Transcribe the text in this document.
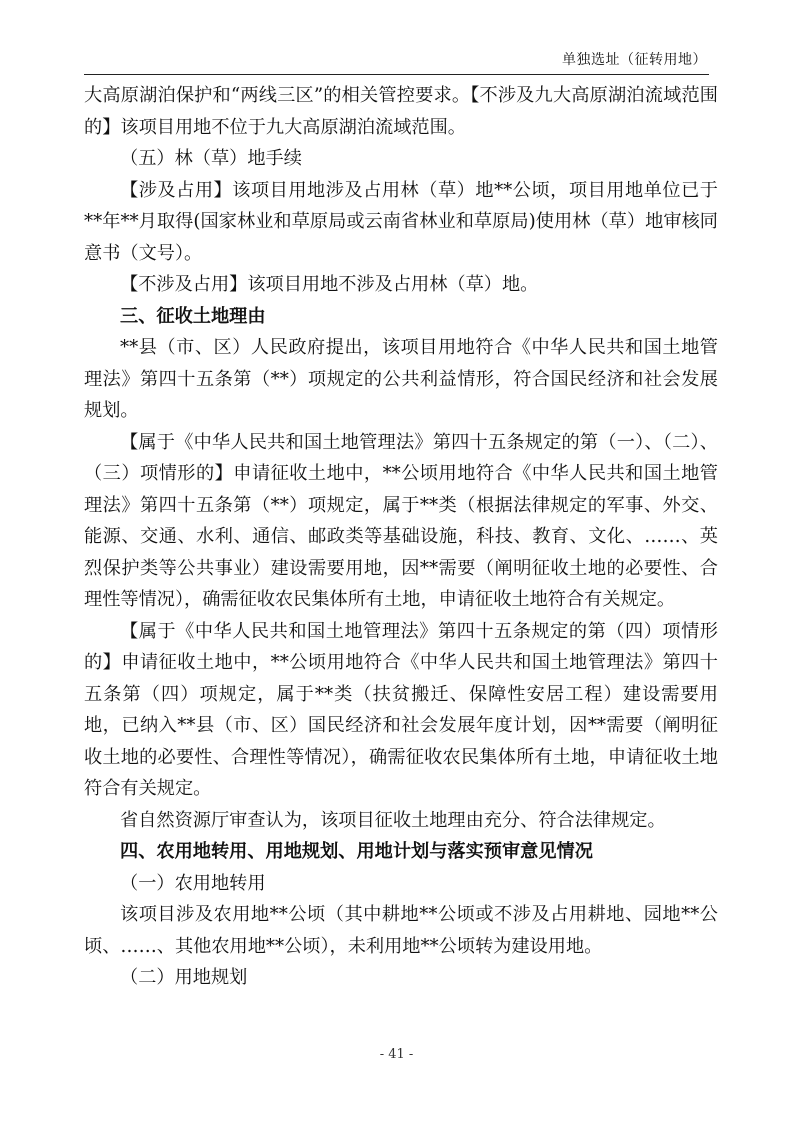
单独选址（征转用地）

大高原湖泊保护和“两线三区”的相关管控要求。【不涉及九大高原湖泊流域范围的】该项目用地不位于九大高原湖泊流域范围。

（五）林（草）地手续

【涉及占用】该项目用地涉及占用林（草）地**公顷，项目用地单位已于**年**月取得(国家林业和草原局或云南省林业和草原局)使用林（草）地审核同意书（文号）。

【不涉及占用】该项目用地不涉及占用林（草）地。

三、征收土地理由

**县（市、区）人民政府提出，该项目用地符合《中华人民共和国土地管理法》第四十五条第（**）项规定的公共利益情形，符合国民经济和社会发展规划。

【属于《中华人民共和国土地管理法》第四十五条规定的第（一）、（二）、（三）项情形的】申请征收土地中，**公顷用地符合《中华人民共和国土地管理法》第四十五条第（**）项规定，属于**类（根据法律规定的军事、外交、能源、交通、水利、通信、邮政类等基础设施，科技、教育、文化、……、英烈保护类等公共事业）建设需要用地，因**需要（阐明征收土地的必要性、合理性等情况），确需征收农民集体所有土地，申请征收土地符合有关规定。

【属于《中华人民共和国土地管理法》第四十五条规定的第（四）项情形的】申请征收土地中，**公顷用地符合《中华人民共和国土地管理法》第四十五条第（四）项规定，属于**类（扶贫搬迁、保障性安居工程）建设需要用地，已纳入**县（市、区）国民经济和社会发展年度计划，因**需要（阐明征收土地的必要性、合理性等情况），确需征收农民集体所有土地，申请征收土地符合有关规定。

省自然资源厅审查认为，该项目征收土地理由充分、符合法律规定。

四、农用地转用、用地规划、用地计划与落实预审意见情况

（一）农用地转用

该项目涉及农用地**公顷（其中耕地**公顷或不涉及占用耕地、园地**公顷、……、其他农用地**公顷），未利用地**公顷转为建设用地。

（二）用地规划

- 41 -
